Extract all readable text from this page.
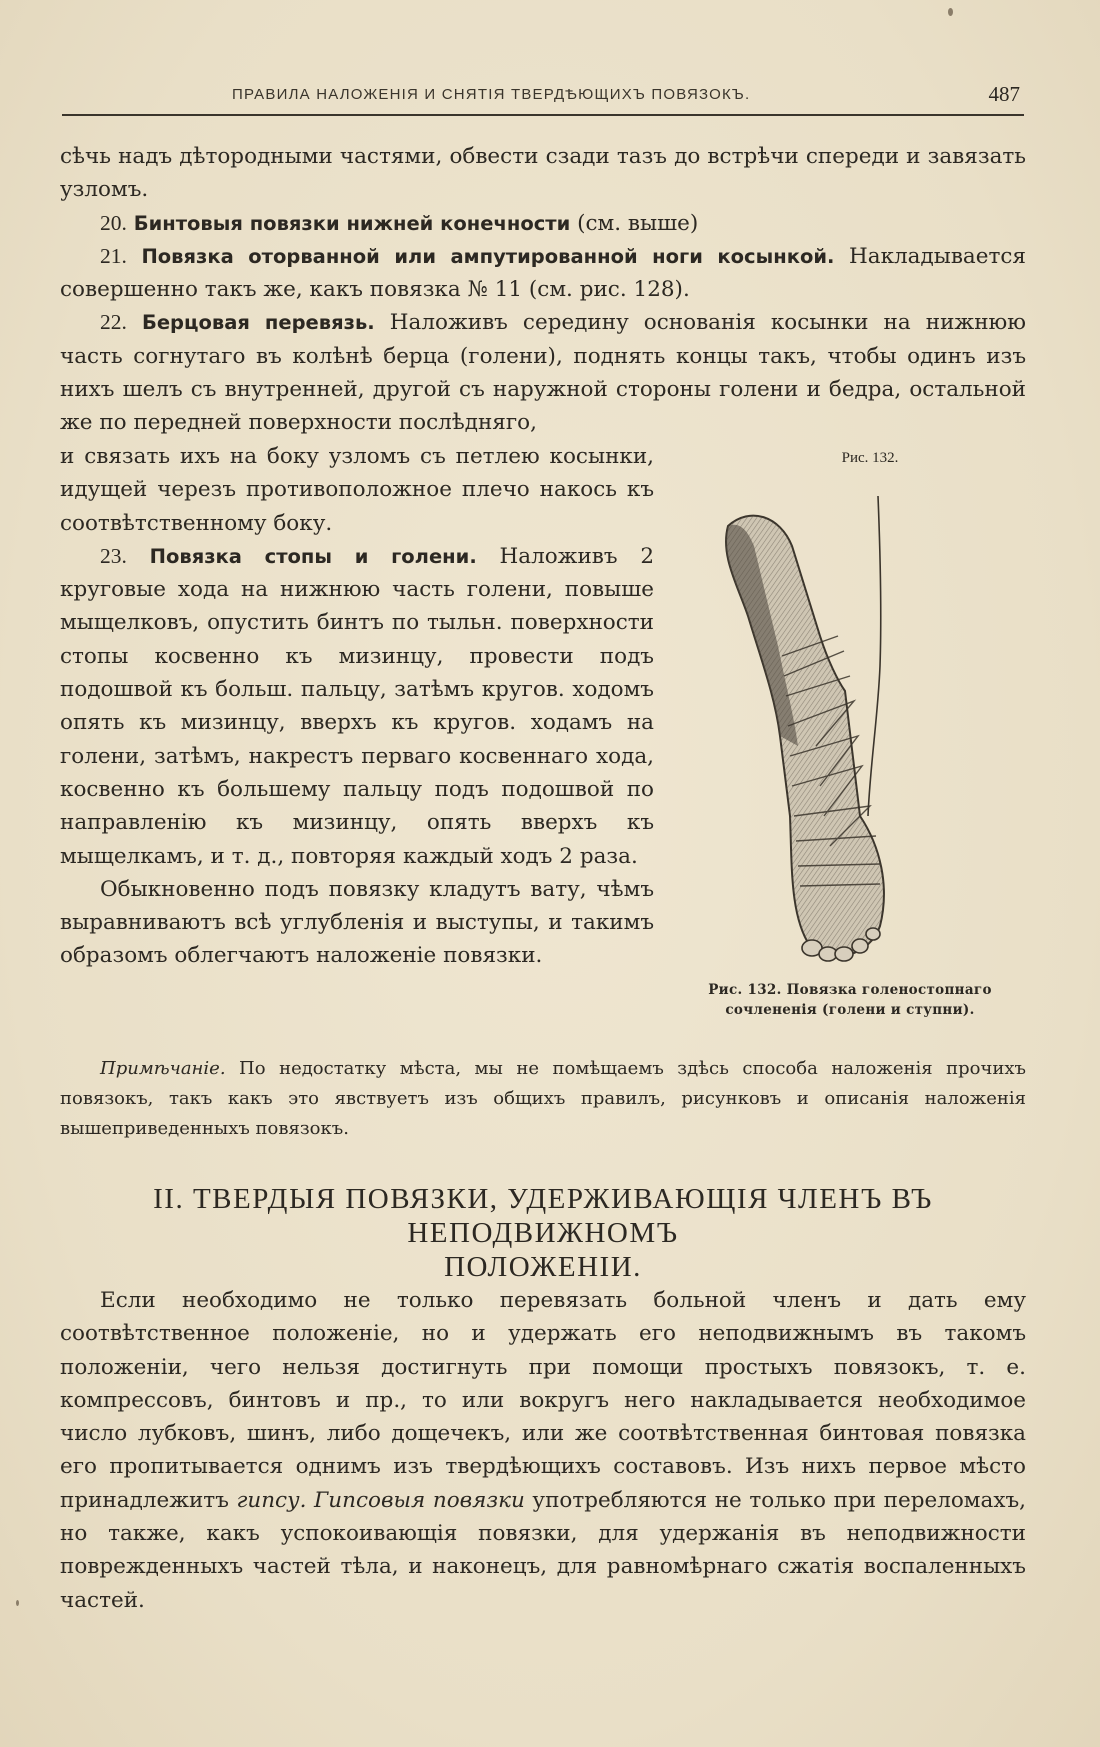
ПРАВИЛА НАЛОЖЕНІЯ И СНЯТІЯ ТВЕРДѢЮЩИХЪ ПОВЯЗОКЪ.	487

сѣчь надъ дѣтородными частями, обвести сзади тазъ до встрѣчи спереди и завязать узломъ.

20. Бинтовыя повязки нижней конечности (см. выше)

21. Повязка оторванной или ампутированной ноги косынкой. Накладывается совершенно такъ же, какъ повязка № 11 (см. рис. 128).

22. Берцовая перевязь. Наложивъ середину основанія косынки на нижнюю часть согнутаго въ колѣнѣ берца (голени), поднять концы такъ, чтобы одинъ изъ нихъ шелъ съ внутренней, другой съ наружной стороны голени и бедра, остальной же по передней поверхности послѣдняго,

и связать ихъ на боку узломъ съ петлею косынки, идущей черезъ противоположное плечо накось къ соотвѣтственному боку.

23. Повязка стопы и голени. Наложивъ 2 круговые хода на нижнюю часть голени, повыше мыщелковъ, опустить бинтъ по тыльн. поверхности стопы косвенно къ мизинцу, провести подъ подошвой къ больш. пальцу, затѣмъ кругов. ходомъ опять къ мизинцу, вверхъ къ кругов. ходамъ на голени, затѣмъ, накрестъ перваго косвеннаго хода, косвенно къ большему пальцу подъ подошвой по направленію къ мизинцу, опять вверхъ къ мыщелкамъ, и т. д., повторяя каждый ходъ 2 раза.

Обыкновенно подъ повязку кладутъ вату, чѣмъ выравниваютъ всѣ углубленія и выступы, и такимъ образомъ облегчаютъ наложеніе повязки.

Рис. 132.
Рис. 132. Повязка голеностопнаго
сочлененія (голени и ступни).
Примѣчаніе. По недостатку мѣста, мы не помѣщаемъ здѣсь способа наложенія прочихъ повязокъ, такъ какъ это явствуетъ изъ общихъ правилъ, рисунковъ и описанія наложенія вышеприведенныхъ повязокъ.
II. ТВЕРДЫЯ ПОВЯЗКИ, УДЕРЖИВАЮЩІЯ ЧЛЕНЪ ВЪ НЕПОДВИЖНОМЪ
ПОЛОЖЕНІИ.

Если необходимо не только перевязать больной членъ и дать ему соотвѣтственное положеніе, но и удержать его неподвижнымъ въ такомъ положеніи, чего нельзя достигнуть при помощи простыхъ повязокъ, т. е. компрессовъ, бинтовъ и пр., то или вокругъ него накладывается необходимое число лубковъ, шинъ, либо дощечекъ, или же соотвѣтственная бинтовая повязка его пропитывается однимъ изъ твердѣющихъ составовъ. Изъ нихъ первое мѣсто принадлежитъ гипсу. Гипсовыя повязки употребляются не только при переломахъ, но также, какъ успокоивающія повязки, для удержанія въ неподвижности поврежденныхъ частей тѣла, и наконецъ, для равномѣрнаго сжатія воспаленныхъ частей.
